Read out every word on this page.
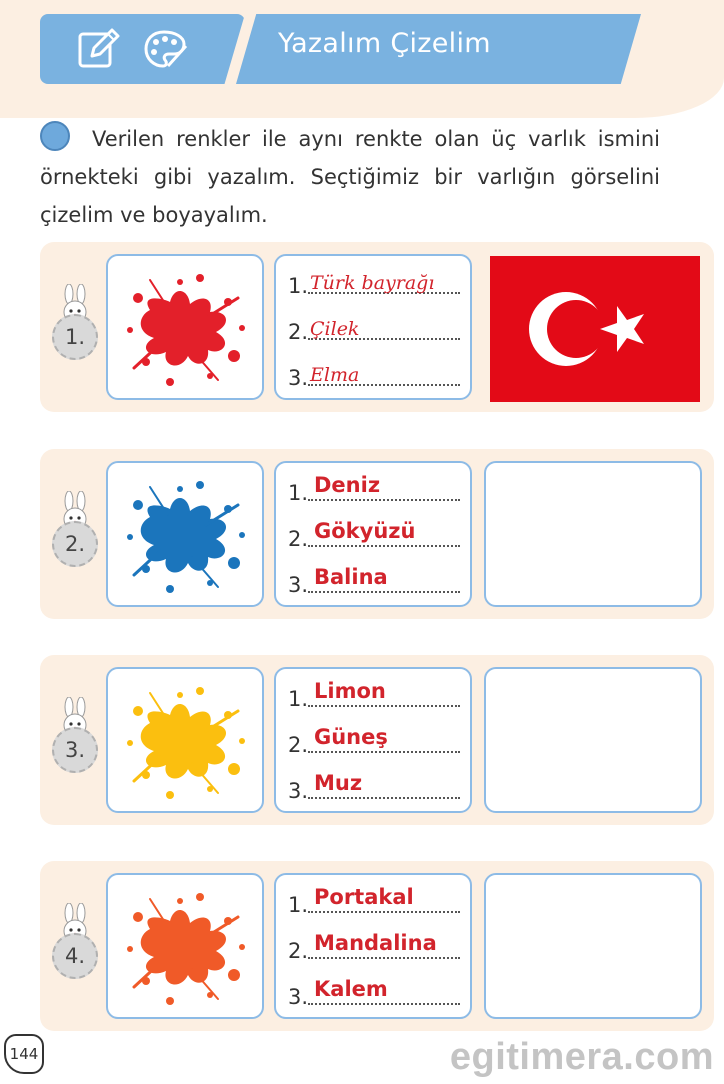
Yazalım Çizelim
Verilen renkler ile aynı renkte olan üç varlık ismini örnekteki gibi yazalım. Seçtiğimiz bir varlığın görselini çizelim ve boyayalım.
1.
1. Türk bayrağı
2. Çilek
3. Elma
2.
1. Deniz
2. Gökyüzü
3. Balina
3.
1. Limon
2. Güneş
3. Muz
4.
1. Portakal
2. Mandalina
3. Kalem
144	egitimera.com
